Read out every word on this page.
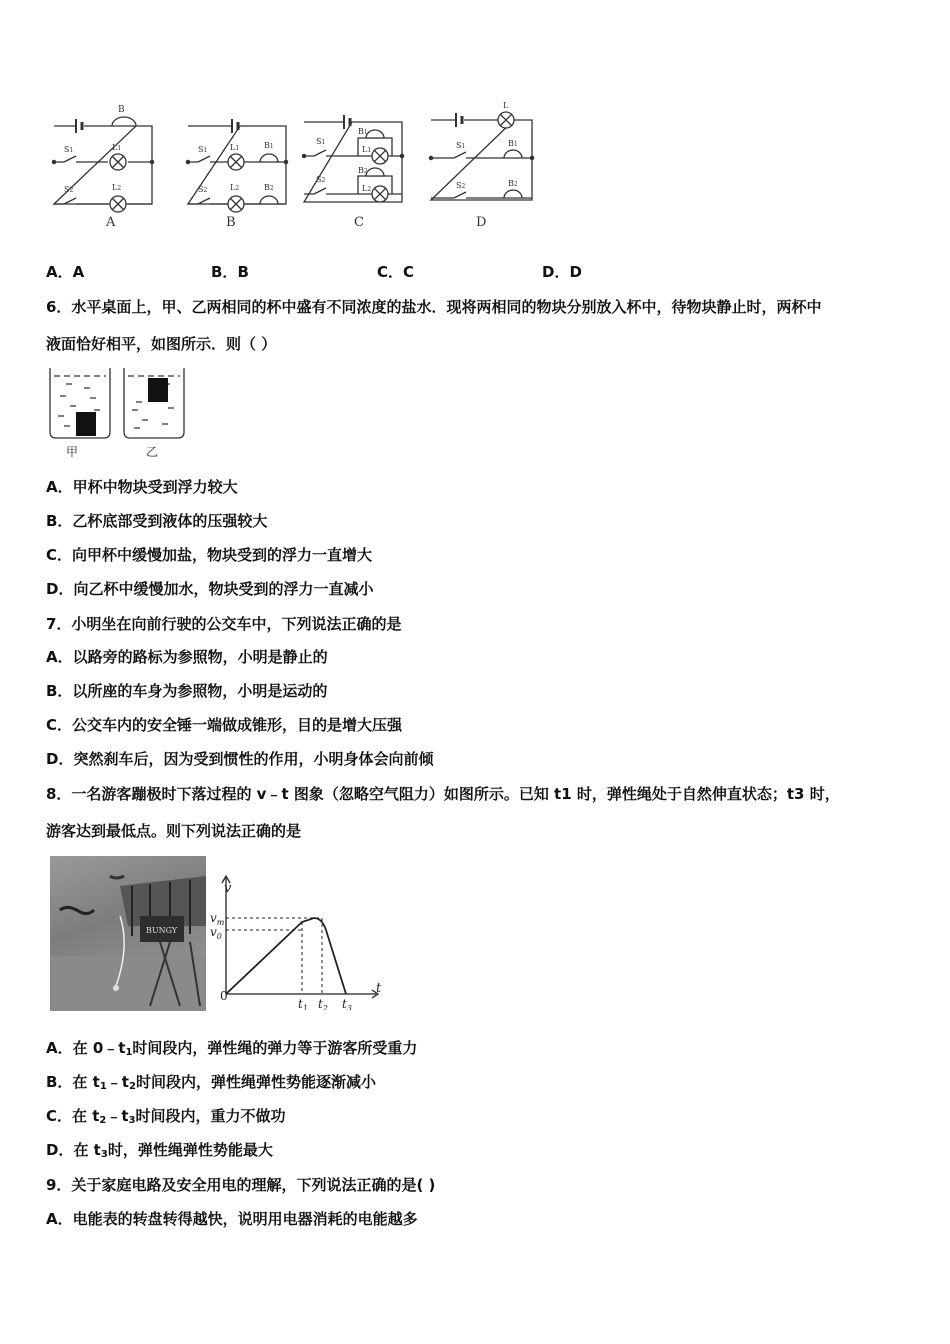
B
S1	L1
S2	L2
A
S1	L1	B1
S2	L2	B2
B
S1
B1
L1
S2
B2
L2
C
L
S1	B1
S2	B2
D
A．A	B．B	C．C	D．D
6．水平桌面上，甲、乙两相同的杯中盛有不同浓度的盐水．现将两相同的物块分别放入杯中，待物块静止时，两杯中
液面恰好相平，如图所示．则（ ）
甲	乙
A．甲杯中物块受到浮力较大
B．乙杯底部受到液体的压强较大
C．向甲杯中缓慢加盐，物块受到的浮力一直增大
D．向乙杯中缓慢加水，物块受到的浮力一直减小
7．小明坐在向前行驶的公交车中，下列说法正确的是
A．以路旁的路标为参照物，小明是静止的
B．以所座的车身为参照物，小明是运动的
C．公交车内的安全锤一端做成锥形，目的是增大压强
D．突然刹车后，因为受到惯性的作用，小明身体会向前倾
8．一名游客蹦极时下落过程的 v﹣t 图象（忽略空气阻力）如图所示。已知 t1 时，弹性绳处于自然伸直状态；t3 时，
游客达到最低点。则下列说法正确的是
BUNGY
v
t
0
$v_m$
$v_0$
$t_1$ $t_2$ $t_3$
A．在 $0﹣t_1$时间段内，弹性绳的弹力等于游客所受重力
B．在 $t_1﹣t_2$时间段内，弹性绳弹性势能逐渐减小
C．在 $t_2﹣t_3$时间段内，重力不做功
D．在 $t_3$时，弹性绳弹性势能最大
9．关于家庭电路及安全用电的理解，下列说法正确的是( )
A．电能表的转盘转得越快，说明用电器消耗的电能越多
